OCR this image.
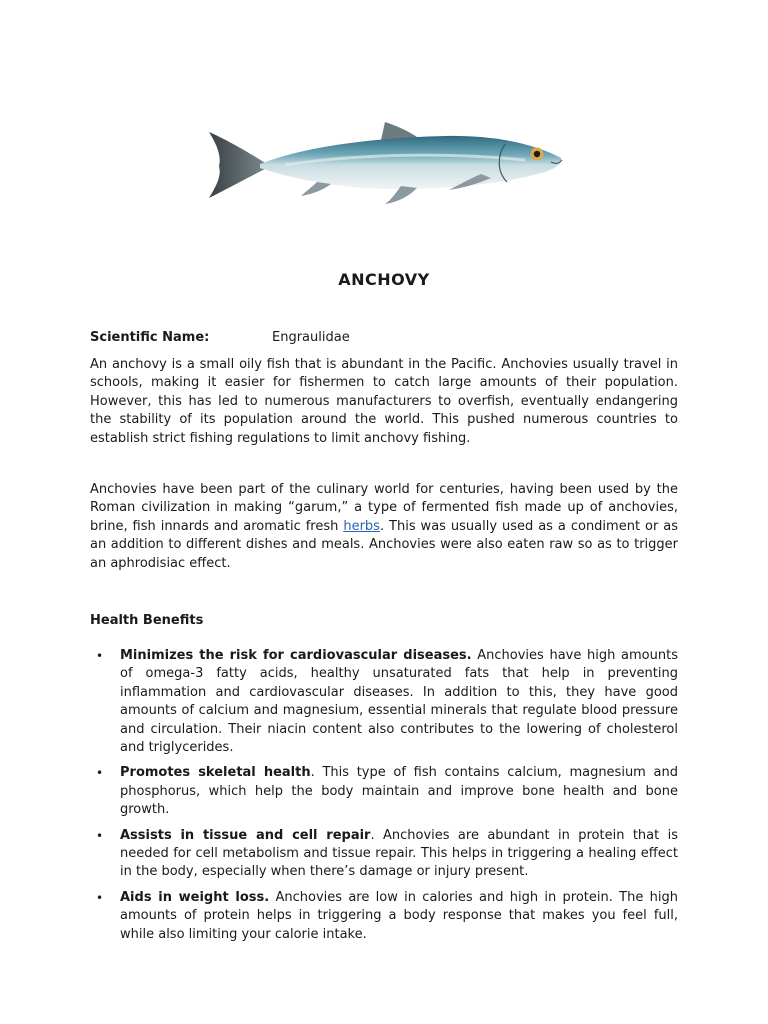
ANCHOVY
Scientific Name:	Engraulidae

An anchovy is a small oily fish that is abundant in the Pacific. Anchovies usually travel in schools, making it easier for fishermen to catch large amounts of their population. However, this has led to numerous manufacturers to overfish, eventually endangering the stability of its population around the world. This pushed numerous countries to establish strict fishing regulations to limit anchovy fishing.

Anchovies have been part of the culinary world for centuries, having been used by the Roman civilization in making “garum,” a type of fermented fish made up of anchovies, brine, fish innards and aromatic fresh herbs. This was usually used as a condiment or as an addition to different dishes and meals. Anchovies were also eaten raw so as to trigger an aphrodisiac effect.

Health Benefits
• Minimizes the risk for cardiovascular diseases. Anchovies have high amounts of omega-3 fatty acids, healthy unsaturated fats that help in preventing inflammation and cardiovascular diseases. In addition to this, they have good amounts of calcium and magnesium, essential minerals that regulate blood pressure and circulation. Their niacin content also contributes to the lowering of cholesterol and triglycerides.
• Promotes skeletal health. This type of fish contains calcium, magnesium and phosphorus, which help the body maintain and improve bone health and bone growth.
• Assists in tissue and cell repair. Anchovies are abundant in protein that is needed for cell metabolism and tissue repair. This helps in triggering a healing effect in the body, especially when there’s damage or injury present.
• Aids in weight loss. Anchovies are low in calories and high in protein. The high amounts of protein helps in triggering a body response that makes you feel full, while also limiting your calorie intake.
